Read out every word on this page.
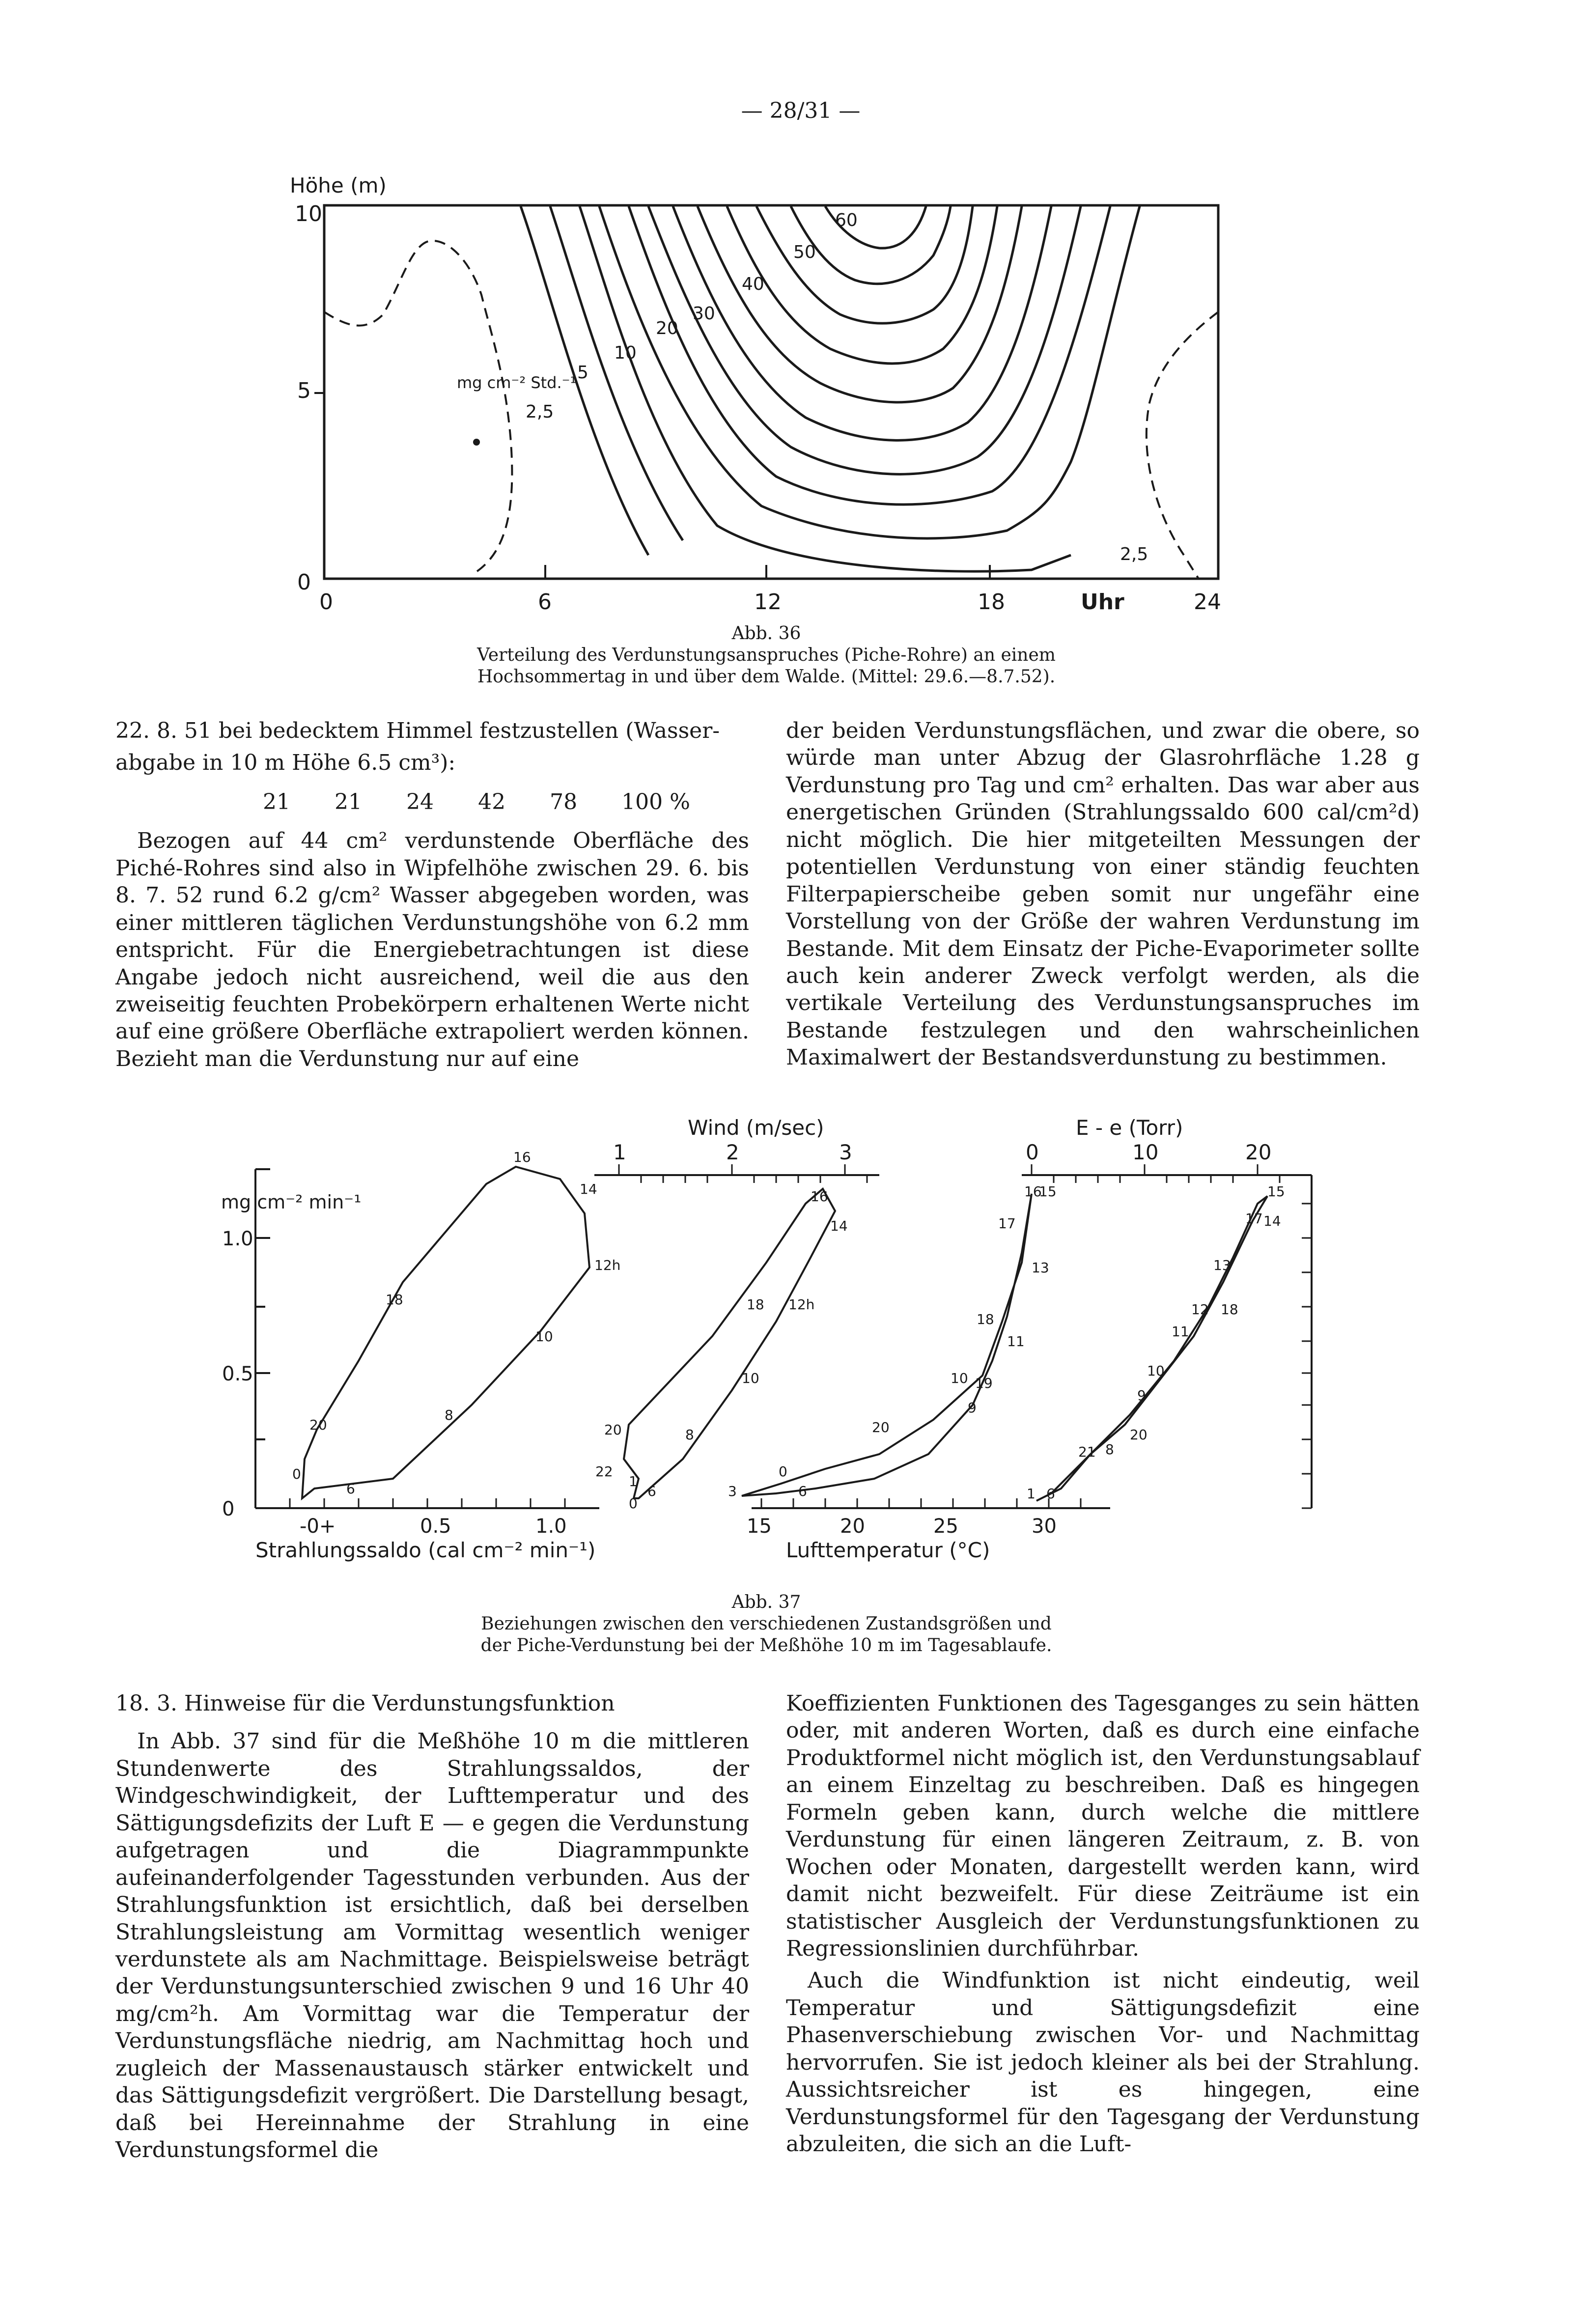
— 28/31 —
Höhe (m)
10
5
0
0	6	12	18	Uhr	24
mg cm⁻² Std.⁻¹
2,5
5
10
20
30
40
50
60
2,5
Abb. 36
Verteilung des Verdunstungsanspruches (Piche-Rohre) an einem
Hochsommertag in und über dem Walde. (Mittel: 29.6.—8.7.52).

22. 8. 51 bei bedecktem Himmel festzustellen (Wasser-

abgabe in 10 m Höhe 6.5 cm³):

21 21 24 42 78 100 %

Bezogen auf 44 cm² verdunstende Oberfläche des Piché-Rohres sind also in Wipfelhöhe zwischen 29. 6. bis 8. 7. 52 rund 6.2 g/cm² Wasser abgegeben worden, was einer mittleren täglichen Verdunstungshöhe von 6.2 mm entspricht. Für die Energiebetrachtungen ist diese Angabe jedoch nicht ausreichend, weil die aus den zweiseitig feuchten Probekörpern erhaltenen Werte nicht auf eine größere Oberfläche extrapoliert werden können. Bezieht man die Verdunstung nur auf eine

der beiden Verdunstungsflächen, und zwar die obere, so würde man unter Abzug der Glasrohrfläche 1.28 g Verdunstung pro Tag und cm² erhalten. Das war aber aus energetischen Gründen (Strahlungssaldo 600 cal/cm²d) nicht möglich. Die hier mitgeteilten Messungen der potentiellen Verdunstung von einer ständig feuchten Filterpapierscheibe geben somit nur ungefähr eine Vorstellung von der Größe der wahren Verdunstung im Bestande. Mit dem Einsatz der Piche-Evaporimeter sollte auch kein anderer Zweck verfolgt werden, als die vertikale Verteilung des Verdunstungsanspruches im Bestande festzulegen und den wahrscheinlichen Maximalwert der Bestandsverdunstung zu bestimmen.

mg cm⁻² min⁻¹
1.0
0.5
0
-0+	0.5	1.0
Strahlungssaldo (cal cm⁻² min⁻¹)
16
14
12h
10
8
6
18
20
0
Wind (m/sec)
1	2	3
16
14
18 12h
10
8
20
22
1
6
0
15	20	25	30
Lufttemperatur (°C)
16
15
17
13
18
11
10 19
9
20
0
6
3
E - e (Torr)
0	10	20
15
17 14
13
12 18
11
10
9
20
21 8
1 6
Abb. 37
Beziehungen zwischen den verschiedenen Zustandsgrößen und
der Piche-Verdunstung bei der Meßhöhe 10 m im Tagesablaufe.
18. 3. Hinweise für die Verdunstungsfunktion

In Abb. 37 sind für die Meßhöhe 10 m die mittleren Stundenwerte des Strahlungssaldos, der Windgeschwindigkeit, der Lufttemperatur und des Sättigungsdefizits der Luft E — e gegen die Verdunstung aufgetragen und die Diagrammpunkte aufeinanderfolgender Tagesstunden verbunden. Aus der Strahlungsfunktion ist ersichtlich, daß bei derselben Strahlungsleistung am Vormittag wesentlich weniger verdunstete als am Nachmittage. Beispielsweise beträgt der Verdunstungsunterschied zwischen 9 und 16 Uhr 40 mg/cm²h. Am Vormittag war die Temperatur der Verdunstungsfläche niedrig, am Nachmittag hoch und zugleich der Massenaustausch stärker entwickelt und das Sättigungsdefizit vergrößert. Die Darstellung besagt, daß bei Hereinnahme der Strahlung in eine Verdunstungsformel die

Koeffizienten Funktionen des Tagesganges zu sein hätten oder, mit anderen Worten, daß es durch eine einfache Produktformel nicht möglich ist, den Verdunstungsablauf an einem Einzeltag zu beschreiben. Daß es hingegen Formeln geben kann, durch welche die mittlere Verdunstung für einen längeren Zeitraum, z. B. von Wochen oder Monaten, dargestellt werden kann, wird damit nicht bezweifelt. Für diese Zeiträume ist ein statistischer Ausgleich der Verdunstungsfunktionen zu Regressionslinien durchführbar.

Auch die Windfunktion ist nicht eindeutig, weil Temperatur und Sättigungsdefizit eine Phasenverschiebung zwischen Vor- und Nachmittag hervorrufen. Sie ist jedoch kleiner als bei der Strahlung. Aussichtsreicher ist es hingegen, eine Verdunstungsformel für den Tagesgang der Verdunstung abzuleiten, die sich an die Luft-
